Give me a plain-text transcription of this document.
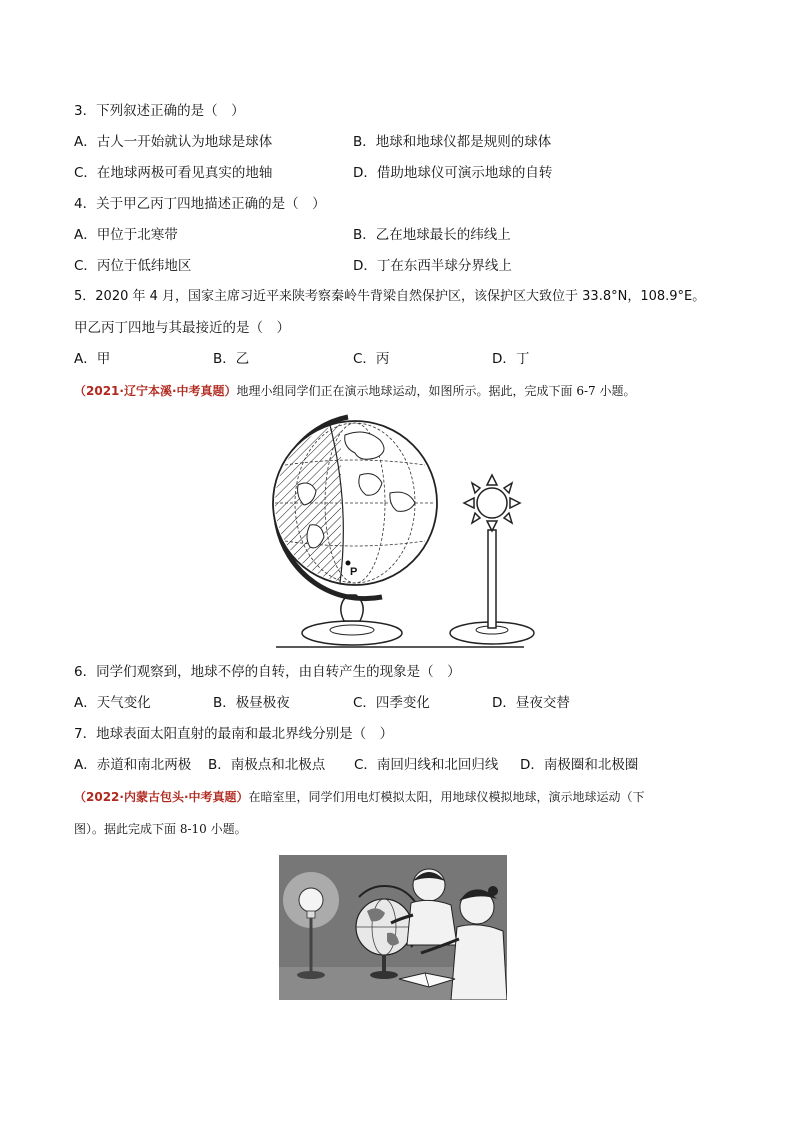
3．下列叙述正确的是（　）
A．古人一开始就认为地球是球体	B．地球和地球仪都是规则的球体
C．在地球两极可看见真实的地轴	D．借助地球仪可演示地球的自转
4．关于甲乙丙丁四地描述正确的是（　）
A．甲位于北寒带	B．乙在地球最长的纬线上
C．丙位于低纬地区	D．丁在东西半球分界线上
5．2020 年 4 月，国家主席习近平来陕考察秦岭牛背梁自然保护区，该保护区大致位于 33.8°N，108.9°E。
甲乙丙丁四地与其最接近的是（　）
A．甲	B．乙	C．丙	D．丁
（2021·辽宁本溪·中考真题）地理小组同学们正在演示地球运动，如图所示。据此，完成下面 6-7 小题。
P
6．同学们观察到，地球不停的自转，由自转产生的现象是（　）
A．天气变化	B．极昼极夜	C．四季变化	D．昼夜交替
7．地球表面太阳直射的最南和最北界线分别是（　）
A．赤道和南北两极 B．南极点和北极点 C．南回归线和北回归线 D．南极圈和北极圈
（2022·内蒙古包头·中考真题）在暗室里，同学们用电灯模拟太阳，用地球仪模拟地球，演示地球运动（下
图）。据此完成下面 8-10 小题。
